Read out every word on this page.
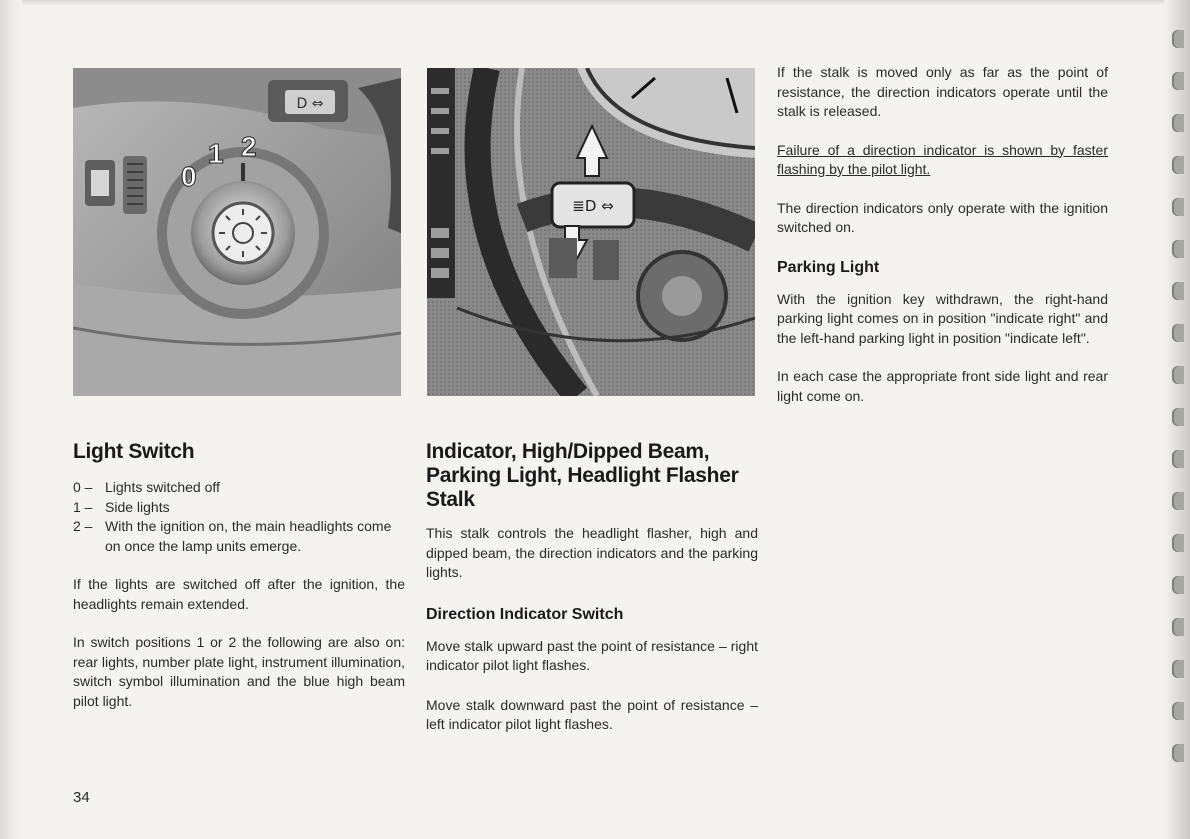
D ⇔
0
1 2
≣D ⇔
Light Switch
0 – Lights switched off
1 – Side lights
2 – With the ignition on, the main headlights come on once the lamp units emerge.

If the lights are switched off after the ignition, the headlights remain extended.

In switch positions 1 or 2 the following are also on: rear lights, number plate light, instrument illumination, switch symbol illumination and the blue high beam pilot light.

Indicator, High/Dipped Beam, Parking Light, Headlight Flasher Stalk

This stalk controls the headlight flasher, high and dipped beam, the direction indicators and the parking lights.

Direction Indicator Switch

Move stalk upward past the point of resistance – right indicator pilot light flashes.

Move stalk downward past the point of resistance – left indicator pilot light flashes.

If the stalk is moved only as far as the point of resistance, the direction indicators operate until the stalk is released.

Failure of a direction indicator is shown by faster flashing by the pilot light.

The direction indicators only operate with the ignition switched on.

Parking Light

With the ignition key withdrawn, the right-hand parking light comes on in position "indicate right" and the left-hand parking light in position "indicate left".

In each case the appropriate front side light and rear light come on.

34
